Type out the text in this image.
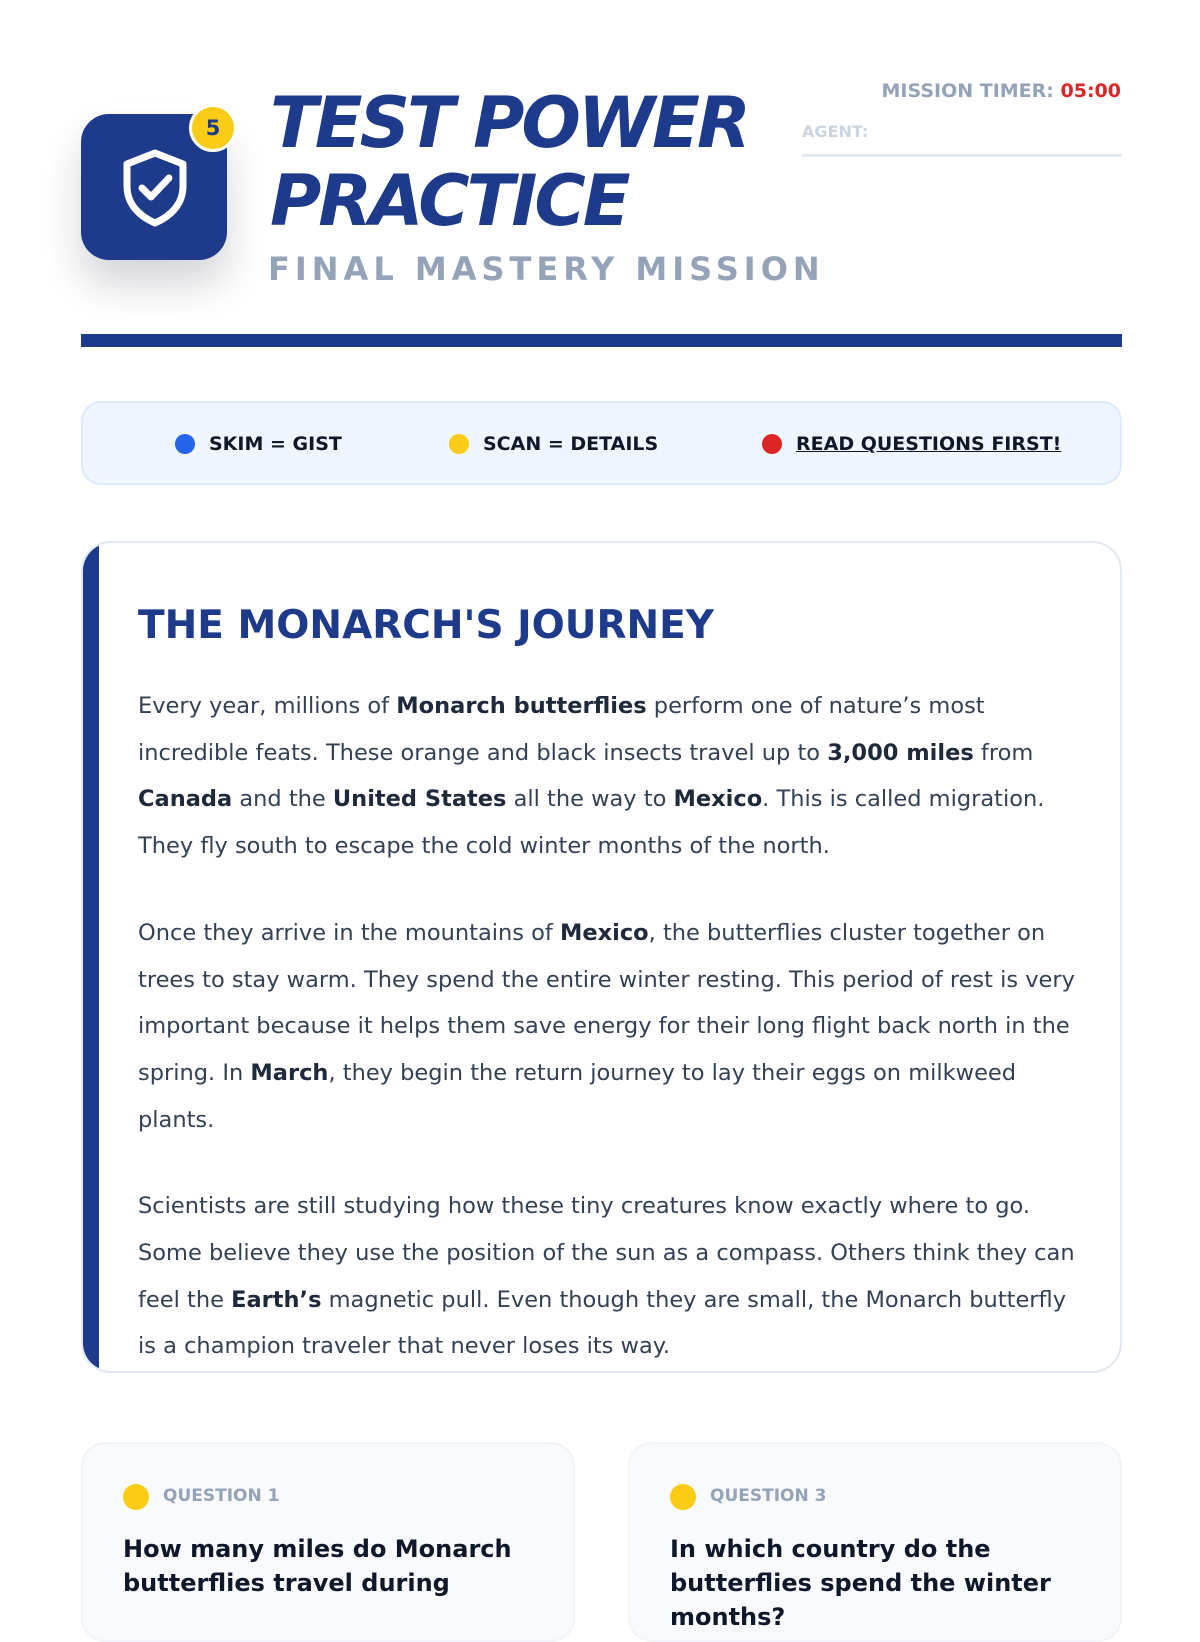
5 TEST POWER
PRACTICE
FINAL MASTERY MISSION
MISSION TIMER: 05:00
AGENT:
SKIM = GIST	SCAN = DETAILS	READ QUESTIONS FIRST!
THE MONARCH'S JOURNEY

Every year, millions of Monarch butterflies perform one of nature’s most incredible feats. These orange and black insects travel up to 3,000 miles from Canada and the United States all the way to Mexico. This is called migration. They fly south to escape the cold winter months of the north.

Once they arrive in the mountains of Mexico, the butterflies cluster together on trees to stay warm. They spend the entire winter resting. This period of rest is very important because it helps them save energy for their long flight back north in the spring. In March, they begin the return journey to lay their eggs on milkweed plants.

Scientists are still studying how these tiny creatures know exactly where to go. Some believe they use the position of the sun as a compass. Others think they can feel the Earth’s magnetic pull. Even though they are small, the Monarch butterfly is a champion traveler that never loses its way.

QUESTION 1
How many miles do Monarch butterflies travel during
QUESTION 3
In which country do the butterflies spend the winter months?
